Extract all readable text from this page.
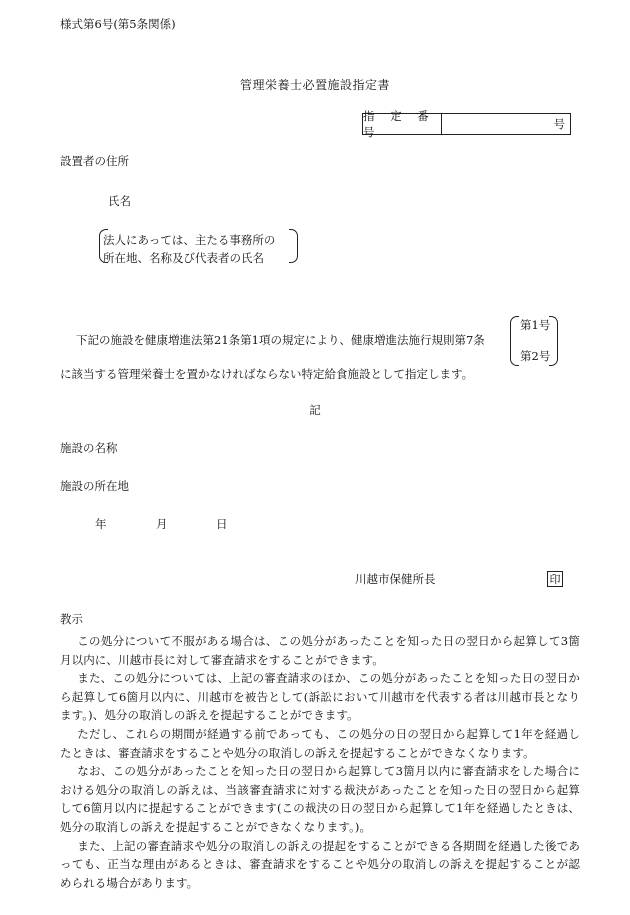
様式第6号(第5条関係)
管理栄養士必置施設指定書
指 定 番 号
号
設置者の住所
氏名
法人にあっては、主たる事務所の
所在地、名称及び代表者の氏名
下記の施設を健康増進法第21条第1項の規定により、健康増進法施行規則第7条
に該当する管理栄養士を置かなければならない特定給食施設として指定します。
第1号
第2号
記
施設の名称
施設の所在地
年	月	日
川越市保健所長	印
教示

この処分について不服がある場合は、この処分があったことを知った日の翌日から起算して3箇月以内に、川越市長に対して審査請求をすることができます。

また、この処分については、上記の審査請求のほか、この処分があったことを知った日の翌日から起算して6箇月以内に、川越市を被告として(訴訟において川越市を代表する者は川越市長となります。)、処分の取消しの訴えを提起することができます。

ただし、これらの期間が経過する前であっても、この処分の日の翌日から起算して1年を経過したときは、審査請求をすることや処分の取消しの訴えを提起することができなくなります。

なお、この処分があったことを知った日の翌日から起算して3箇月以内に審査請求をした場合における処分の取消しの訴えは、当該審査請求に対する裁決があったことを知った日の翌日から起算して6箇月以内に提起することができます(この裁決の日の翌日から起算して1年を経過したときは、処分の取消しの訴えを提起することができなくなります。)。

また、上記の審査請求や処分の取消しの訴えの提起をすることができる各期間を経過した後であっても、正当な理由があるときは、審査請求をすることや処分の取消しの訴えを提起することが認められる場合があります。
